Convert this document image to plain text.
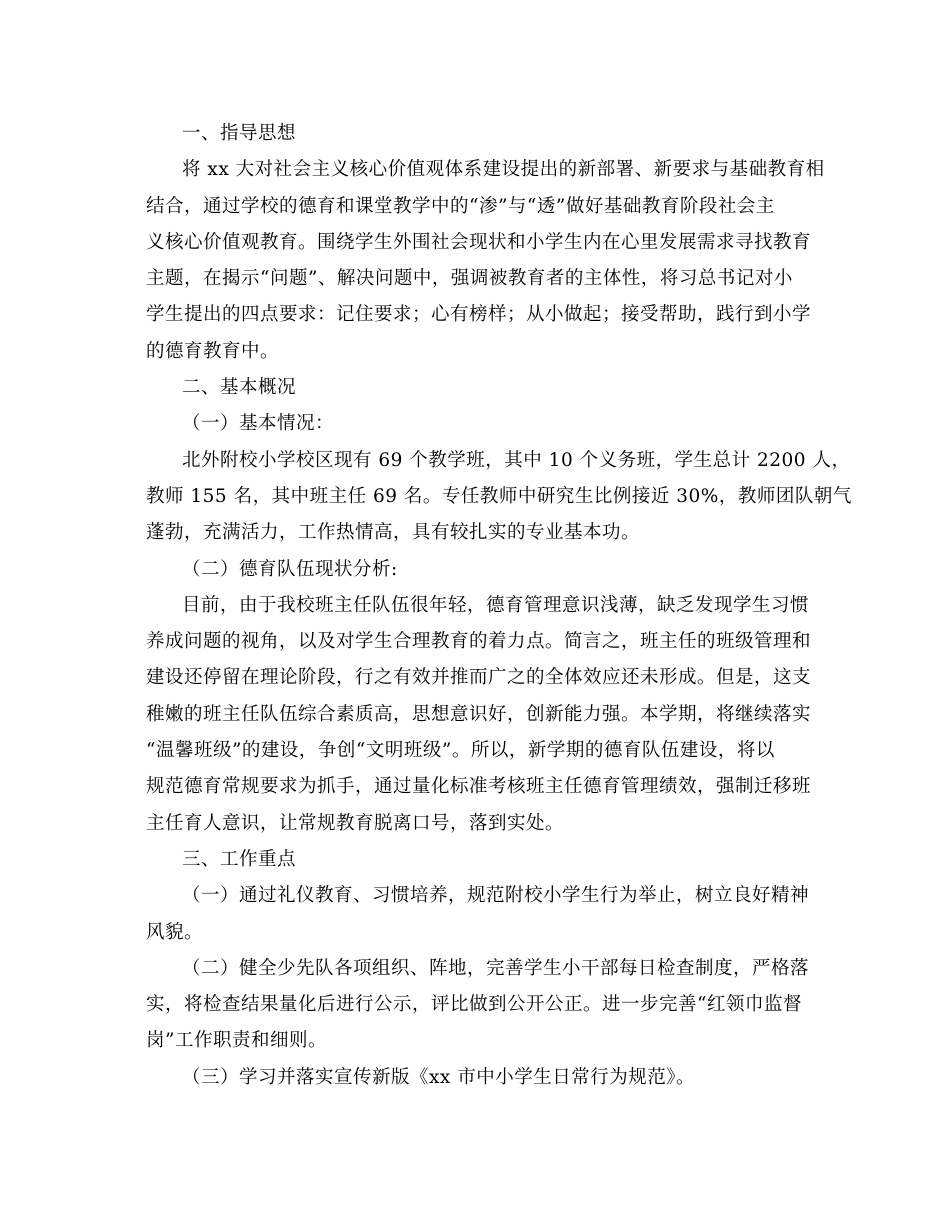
一、指导思想
将 xx 大对社会主义核心价值观体系建设提出的新部署、新要求与基础教育相
结合，通过学校的德育和课堂教学中的“渗”与“透”做好基础教育阶段社会主
义核心价值观教育。围绕学生外围社会现状和小学生内在心里发展需求寻找教育
主题，在揭示“问题”、解决问题中，强调被教育者的主体性，将习总书记对小
学生提出的四点要求：记住要求；心有榜样；从小做起；接受帮助，践行到小学
的德育教育中。
二、基本概况
（一）基本情况：
北外附校小学校区现有 69 个教学班，其中 10 个义务班，学生总计 2200 人，
教师 155 名，其中班主任 69 名。专任教师中研究生比例接近 30%，教师团队朝气
蓬勃，充满活力，工作热情高，具有较扎实的专业基本功。
（二）德育队伍现状分析:
目前，由于我校班主任队伍很年轻，德育管理意识浅薄，缺乏发现学生习惯
养成问题的视角，以及对学生合理教育的着力点。简言之，班主任的班级管理和
建设还停留在理论阶段，行之有效并推而广之的全体效应还未形成。但是，这支
稚嫩的班主任队伍综合素质高，思想意识好，创新能力强。本学期，将继续落实
“温馨班级”的建设，争创“文明班级”。所以，新学期的德育队伍建设，将以
规范德育常规要求为抓手，通过量化标准考核班主任德育管理绩效，强制迁移班
主任育人意识，让常规教育脱离口号，落到实处。
三、工作重点
（一）通过礼仪教育、习惯培养，规范附校小学生行为举止，树立良好精神
风貌。
（二）健全少先队各项组织、阵地，完善学生小干部每日检查制度，严格落
实，将检查结果量化后进行公示，评比做到公开公正。进一步完善“红领巾监督
岗”工作职责和细则。
（三）学习并落实宣传新版《xx 市中小学生日常行为规范》。
